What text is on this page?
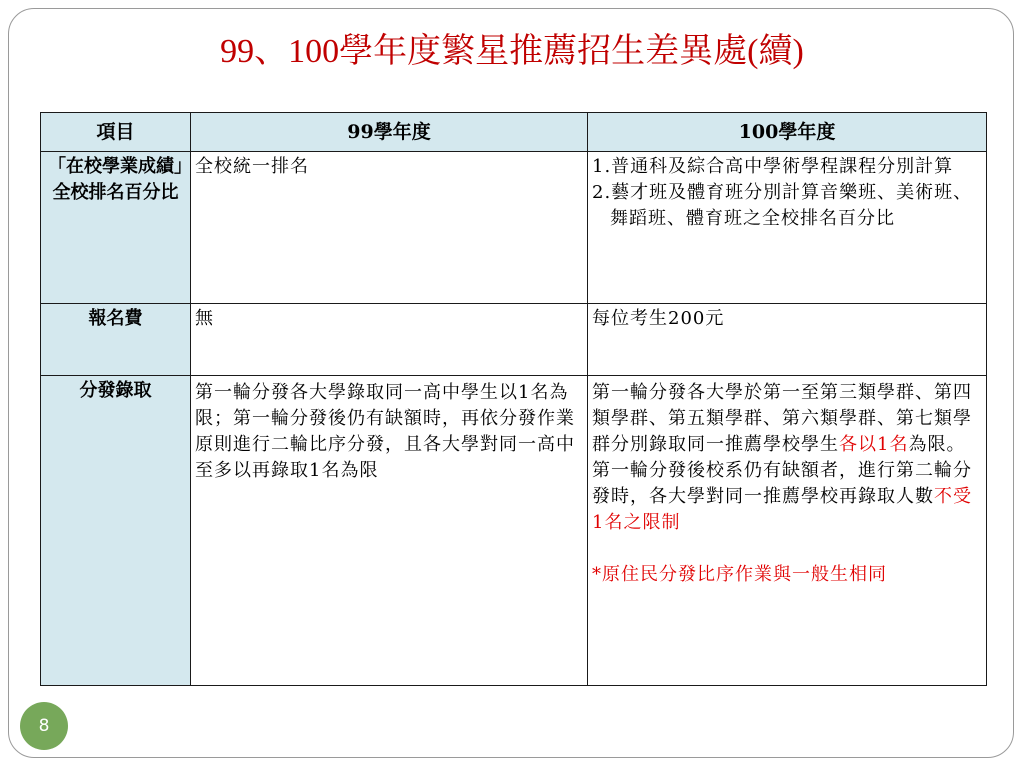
99、100學年度繁星推薦招生差異處(續)
項目	99學年度	100學年度
「在校學業成績」全校排名百分比	全校統一排名	1.普通科及綜合高中學術學程課程分別計算
2.藝才班及體育班分別計算音樂班、美術班、舞蹈班、體育班之全校排名百分比

報名費	無	每位考生200元
分發錄取	第一輪分發各大學錄取同一高中學生以1名為限；第一輪分發後仍有缺額時，再依分發作業原則進行二輪比序分發，且各大學對同一高中至多以再錄取1名為限	第一輪分發各大學於第一至第三類學群、第四類學群、第五類學群、第六類學群、第七類學群分別錄取同一推薦學校學生各以1名為限。
第一輪分發後校系仍有缺額者，進行第二輪分發時，各大學對同一推薦學校再錄取人數不受1名之限制
*原住民分發比序作業與一般生相同
8
